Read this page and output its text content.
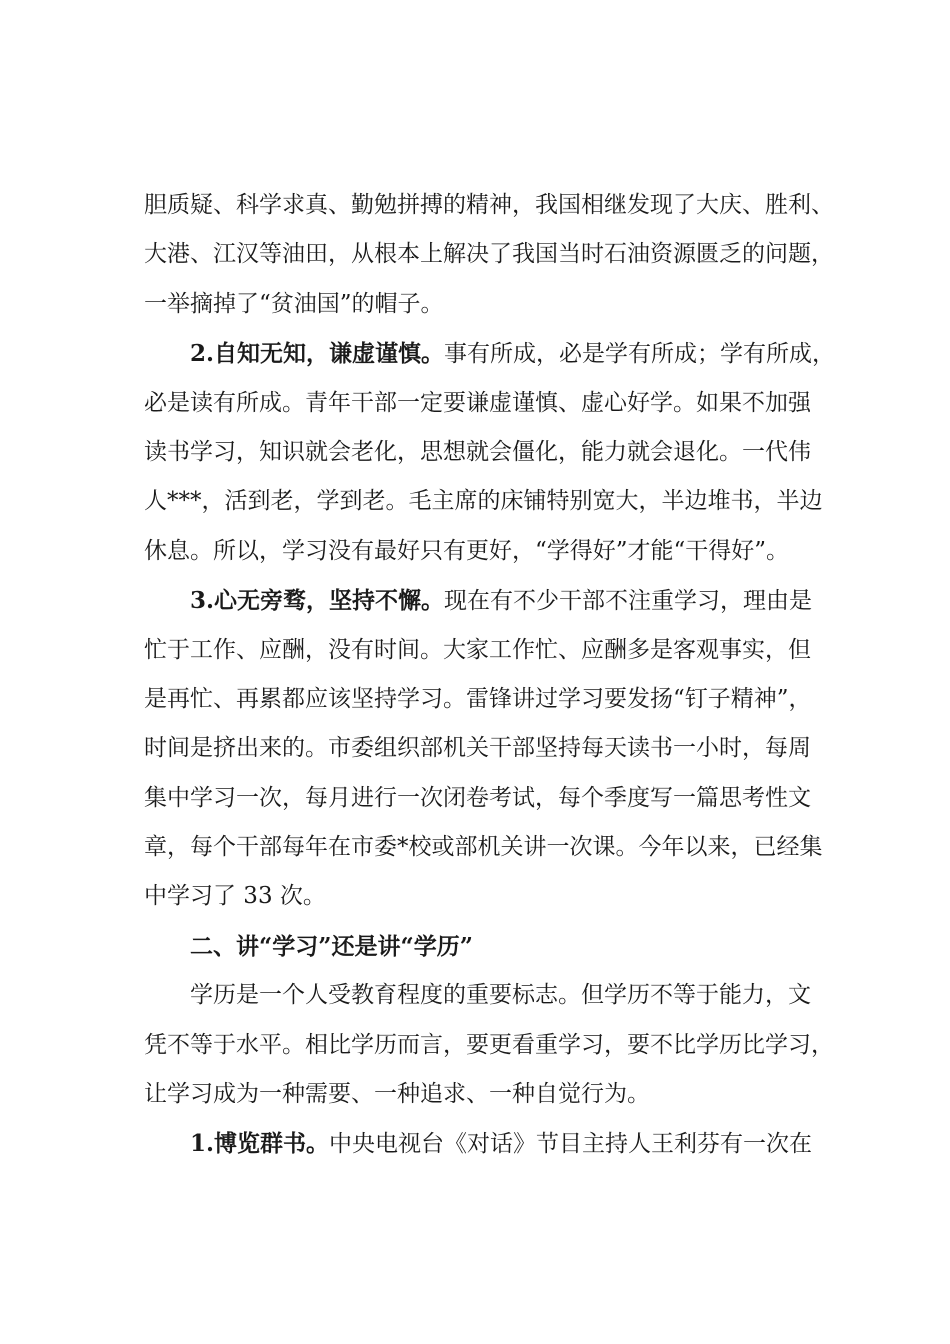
胆质疑、科学求真、勤勉拼搏的精神，我国相继发现了大庆、胜利、
大港、江汉等油田，从根本上解决了我国当时石油资源匮乏的问题，
一举摘掉了“贫油国”的帽子。
2.自知无知，谦虚谨慎。事有所成，必是学有所成；学有所成，
必是读有所成。青年干部一定要谦虚谨慎、虚心好学。如果不加强
读书学习，知识就会老化，思想就会僵化，能力就会退化。一代伟
人***，活到老，学到老。毛主席的床铺特别宽大，半边堆书，半边
休息。所以，学习没有最好只有更好，“学得好”才能“干得好”。
3.心无旁骛，坚持不懈。现在有不少干部不注重学习，理由是
忙于工作、应酬，没有时间。大家工作忙、应酬多是客观事实，但
是再忙、再累都应该坚持学习。雷锋讲过学习要发扬“钉子精神”，
时间是挤出来的。市委组织部机关干部坚持每天读书一小时，每周
集中学习一次，每月进行一次闭卷考试，每个季度写一篇思考性文
章，每个干部每年在市委*校或部机关讲一次课。今年以来，已经集
中学习了 33 次。
二、讲“学习”还是讲“学历”
学历是一个人受教育程度的重要标志。但学历不等于能力，文
凭不等于水平。相比学历而言，要更看重学习，要不比学历比学习，
让学习成为一种需要、一种追求、一种自觉行为。
1.博览群书。中央电视台《对话》节目主持人王利芬有一次在
